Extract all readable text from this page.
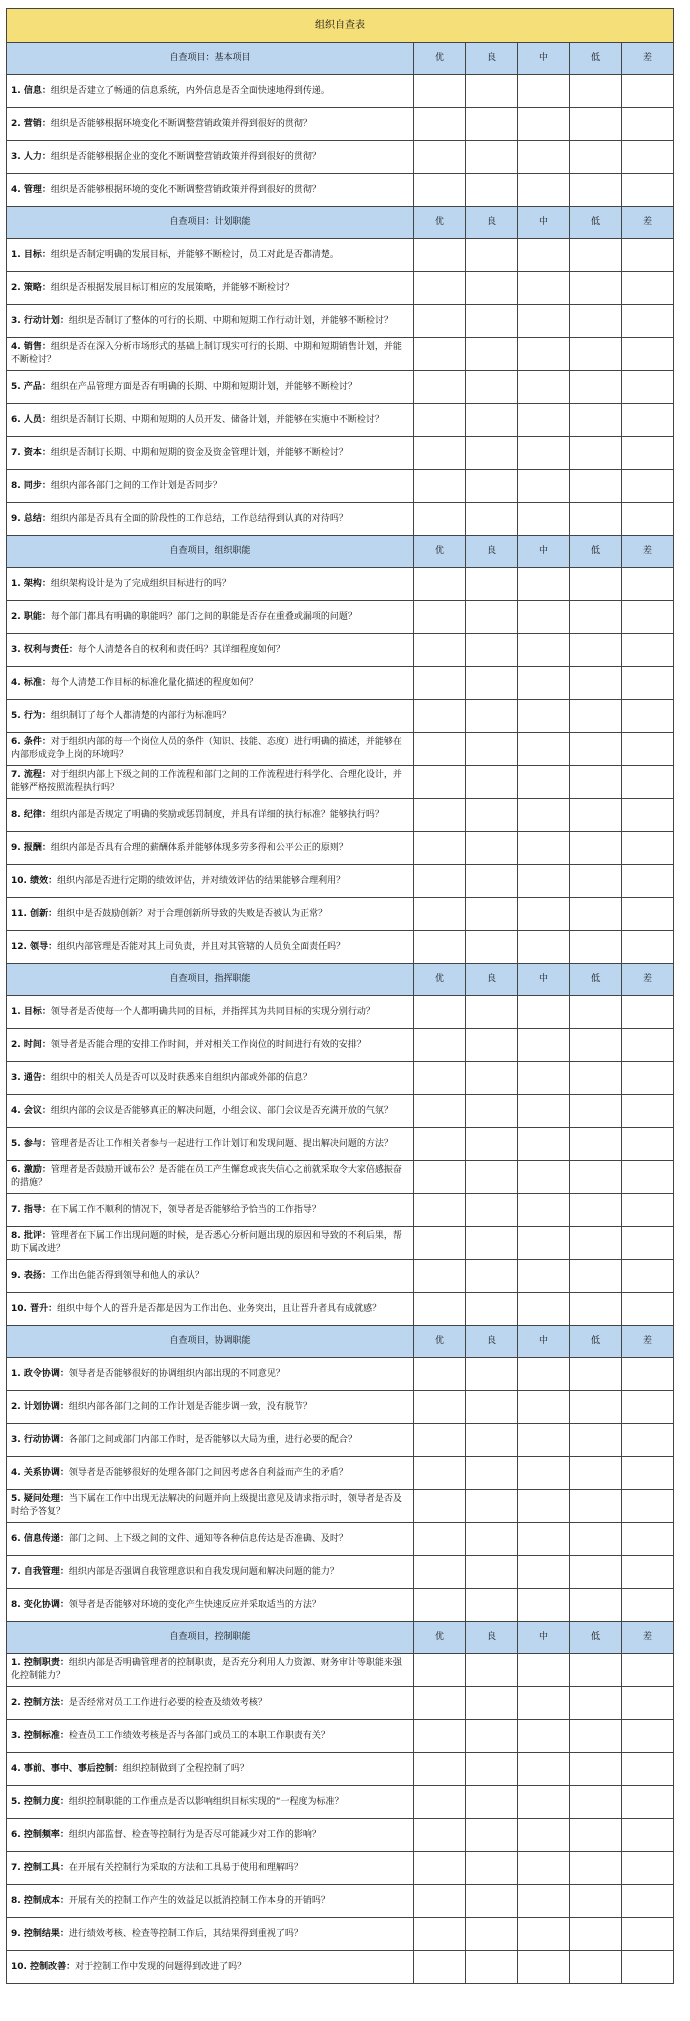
组织自查表					
自查项目：基本项目	优	良	中	低	差
1. 信息：组织是否建立了畅通的信息系统，内外信息是否全面快速地得到传递。					
2. 营销：组织是否能够根据环境变化不断调整营销政策并得到很好的贯彻？					
3. 人力：组织是否能够根据企业的变化不断调整营销政策并得到很好的贯彻？					
4. 管理：组织是否能够根据环境的变化不断调整营销政策并得到很好的贯彻？					
自查项目：计划职能	优	良	中	低	差
1. 目标：组织是否制定明确的发展目标，并能够不断检讨，员工对此是否都清楚。					
2. 策略：组织是否根据发展目标订相应的发展策略，并能够不断检讨？					
3. 行动计划：组织是否制订了整体的可行的长期、中期和短期工作行动计划，并能够不断检讨？					
4. 销售：组织是否在深入分析市场形式的基础上制订现实可行的长期、中期和短期销售计划，并能不断检讨？					
5. 产品：组织在产品管理方面是否有明确的长期、中期和短期计划，并能够不断检讨？					
6. 人员：组织是否制订长期、中期和短期的人员开发、储备计划，并能够在实施中不断检讨？					
7. 资本：组织是否制订长期、中期和短期的资金及资金管理计划，并能够不断检讨？					
8. 同步：组织内部各部门之间的工作计划是否同步？					
9. 总结：组织内部是否具有全面的阶段性的工作总结，工作总结得到认真的对待吗？					
自查项目，组织职能	优	良	中	低	差
1. 架构：组织架构设计是为了完成组织目标进行的吗？					
2. 职能：每个部门都具有明确的职能吗？部门之间的职能是否存在重叠或漏项的问题？					
3. 权利与责任：每个人清楚各自的权利和责任吗？其详细程度如何？					
4. 标准：每个人清楚工作目标的标准化量化描述的程度如何？					
5. 行为：组织制订了每个人都清楚的内部行为标准吗？					
6. 条件：对于组织内部的每一个岗位人员的条件（知识、技能、态度）进行明确的描述，并能够在内部形成竞争上岗的环境吗？					
7. 流程：对于组织内部上下级之间的工作流程和部门之间的工作流程进行科学化、合理化设计，并能够严格按照流程执行吗？					
8. 纪律：组织内部是否规定了明确的奖励或惩罚制度，并具有详细的执行标准？能够执行吗？					
9. 报酬：组织内部是否具有合理的薪酬体系并能够体现多劳多得和公平公正的原则？					
10. 绩效：组织内部是否进行定期的绩效评估，并对绩效评估的结果能够合理利用？					
11. 创新：组织中是否鼓励创新？对于合理创新所导致的失败是否被认为正常？					
12. 领导：组织内部管理是否能对其上司负责，并且对其管辖的人员负全面责任吗？					
自查项目，指挥职能	优	良	中	低	差
1. 目标：领导者是否使每一个人都明确共同的目标，并指挥其为共同目标的实现分别行动？					
2. 时间：领导者是否能合理的安排工作时间，并对相关工作岗位的时间进行有效的安排？					
3. 通告：组织中的相关人员是否可以及时获悉来自组织内部或外部的信息？					
4. 会议：组织内部的会议是否能够真正的解决问题，小组会议、部门会议是否充满开放的气氛？					
5. 参与：管理者是否让工作相关者参与一起进行工作计划订和发现问题、提出解决问题的方法？					
6. 激励：管理者是否鼓励开诚布公？是否能在员工产生懈怠或丧失信心之前就采取令大家倍感振奋的措施？					
7. 指导：在下属工作不顺利的情况下，领导者是否能够给予恰当的工作指导？					
8. 批评：管理者在下属工作出现问题的时候，是否悉心分析问题出现的原因和导致的不利后果，帮助下属改进？					
9. 表扬：工作出色能否得到领导和他人的承认？					
10. 晋升：组织中每个人的晋升是否都是因为工作出色、业务突出，且让晋升者具有成就感？					
自查项目，协调职能	优	良	中	低	差
1. 政令协调：领导者是否能够很好的协调组织内部出现的不同意见？					
2. 计划协调：组织内部各部门之间的工作计划是否能步调一致，没有脱节？					
3. 行动协调：各部门之间或部门内部工作时，是否能够以大局为重，进行必要的配合？					
4. 关系协调：领导者是否能够很好的处理各部门之间因考虑各自利益而产生的矛盾？					
5. 疑问处理：当下属在工作中出现无法解决的问题并向上级提出意见及请求指示时，领导者是否及时给予答复？					
6. 信息传递：部门之间、上下级之间的文件、通知等各种信息传达是否准确、及时？					
7. 自我管理：组织内部是否强调自我管理意识和自我发现问题和解决问题的能力？					
8. 变化协调：领导者是否能够对环境的变化产生快速反应并采取适当的方法？					
自查项目，控制职能	优	良	中	低	差
1. 控制职责：组织内部是否明确管理者的控制职责，是否充分利用人力资源、财务审计等职能来强化控制能力？					
2. 控制方法：是否经常对员工工作进行必要的检查及绩效考核？					
3. 控制标准：检查员工工作绩效考核是否与各部门或员工的本职工作职责有关？					
4. 事前、事中、事后控制：组织控制做到了全程控制了吗？					
5. 控制力度：组织控制职能的工作重点是否以影响组织目标实现的“一程度为标准？					
6. 控制频率：组织内部监督、检查等控制行为是否尽可能减少对工作的影响？					
7. 控制工具：在开展有关控制行为采取的方法和工具易于使用和理解吗？					
8. 控制成本：开展有关的控制工作产生的效益足以抵消控制工作本身的开销吗？					
9. 控制结果：进行绩效考核、检查等控制工作后，其结果得到重视了吗？					
10. 控制改善：对于控制工作中发现的问题得到改进了吗？					
